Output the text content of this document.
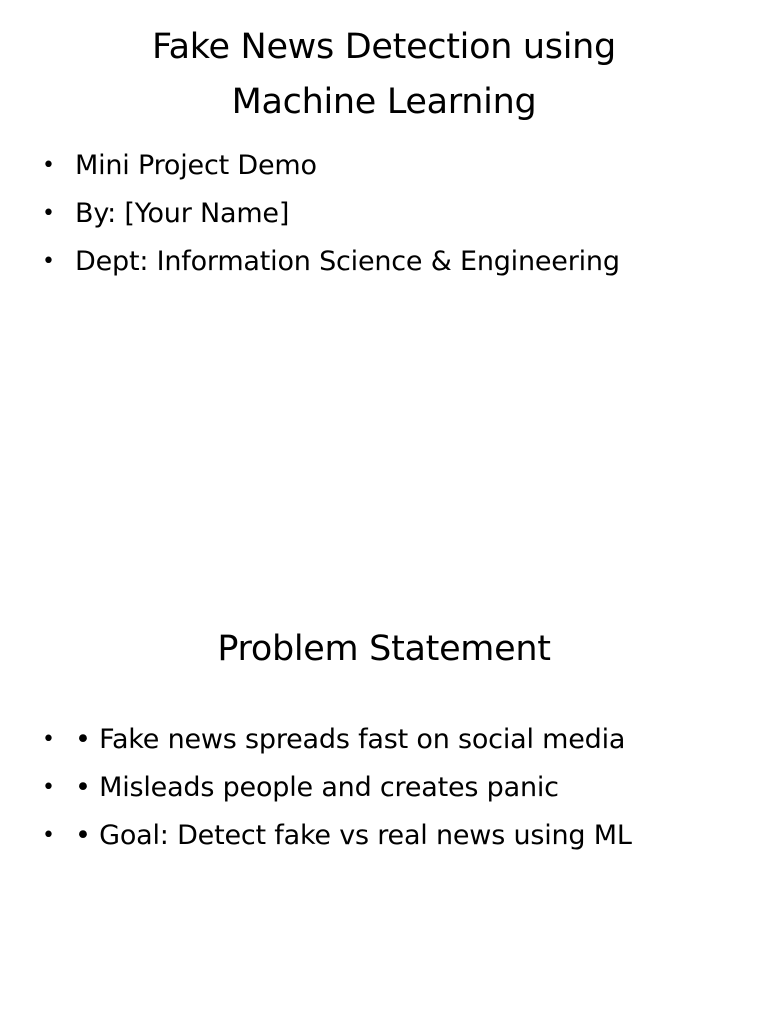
Fake News Detection using
Machine Learning
• Mini Project Demo
• By: [Your Name]
• Dept: Information Science & Engineering
Problem Statement
• • Fake news spreads fast on social media
• • Misleads people and creates panic
• • Goal: Detect fake vs real news using ML
